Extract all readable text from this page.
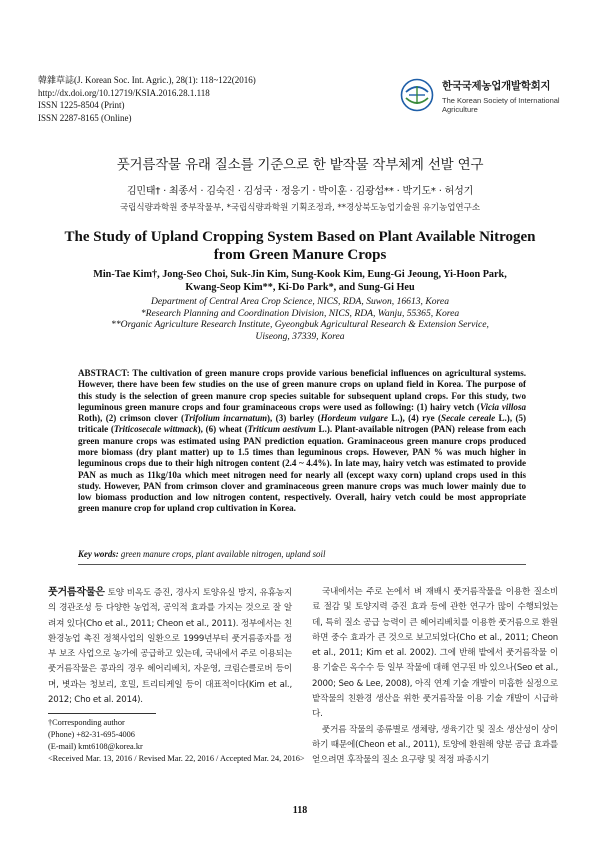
韓雜草誌(J. Korean Soc. Int. Agric.), 28(1): 118~122(2016)
http://dx.doi.org/10.12719/KSIA.2016.28.1.118
ISSN 1225-8504 (Print)
ISSN 2287-8165 (Online)
한국국제농업개발학회지
The Korean Society of International Agriculture
풋거름작물 유래 질소를 기준으로 한 밭작물 작부체계 선발 연구
김민태† · 최종서 · 김숙진 · 김성국 · 정응기 · 박이훈 · 김광섭** · 박기도* · 허성기
국립식량과학원 중부작물부, *국립식량과학원 기획조정과, **경상북도농업기술원 유기농업연구소
The Study of Upland Cropping System Based on Plant Available Nitrogen
from Green Manure Crops
Min-Tae Kim†, Jong-Seo Choi, Suk-Jin Kim, Sung-Kook Kim, Eung-Gi Jeoung, Yi-Hoon Park,
Kwang-Seop Kim**, Ki-Do Park*, and Sung-Gi Heu
Department of Central Area Crop Science, NICS, RDA, Suwon, 16613, Korea
*Research Planning and Coordination Division, NICS, RDA, Wanju, 55365, Korea
**Organic Agriculture Research Institute, Gyeongbuk Agricultural Research & Extension Service,
Uiseong, 37339, Korea
ABSTRACT: The cultivation of green manure crops provide various beneficial influences on agricultural systems. However, there have been few studies on the use of green manure crops on upland field in Korea. The purpose of this study is the selection of green manure crop species suitable for subsequent upland crops. For this study, two leguminous green manure crops and four graminaceous crops were used as following: (1) hairy vetch (Vicia villosa Roth), (2) crimson clover (Trifolium incarnatum), (3) barley (Hordeum vulgare L.), (4) rye (Secale cereale L.), (5) triticale (Triticosecale wittmack), (6) wheat (Triticum aestivum L.). Plant-available nitrogen (PAN) release from each green manure crops was estimated using PAN prediction equation. Graminaceous green manure crops produced more biomass (dry plant matter) up to 1.5 times than leguminous crops. However, PAN % was much higher in leguminous crops due to their high nitrogen content (2.4 ~ 4.4%). In late may, hairy vetch was estimated to provide PAN as much as 11kg/10a which meet nitrogen need for nearly all (except waxy corn) upland crops used in this study. However, PAN from crimson clover and graminaceous green manure crops was much lower mainly due to low biomass production and low nitrogen content, respectively. Overall, hairy vetch could be most appropriate green manure crop for upland crop cultivation in Korea.
Key words: green manure crops, plant available nitrogen, upland soil
풋거름작물은 토양 비옥도 증진, 경사지 토양유실 방지, 유휴농지의 경관조성 등 다양한 농업적, 공익적 효과를 가지는 것으로 잘 알려져 있다(Cho et al., 2011; Cheon et al., 2011). 정부에서는 친환경농업 촉진 정책사업의 일환으로 1999년부터 풋거름종자를 정부 보조 사업으로 농가에 공급하고 있는데, 국내에서 주로 이용되는 풋거름작물은 콩과의 경우 헤어리베치, 자운영, 크림슨클로버 등이며, 볏과는 청보리, 호밀, 트리티케일 등이 대표적이다(Kim et al., 2012; Cho et al. 2014).

국내에서는 주로 논에서 벼 재배시 풋거름작물을 이용한 질소비료 절감 및 토양지력 증진 효과 등에 관한 연구가 많이 수행되었는데, 특히 질소 공급 능력이 큰 헤어리베치를 이용한 풋거름으로 환원하면 중수 효과가 큰 것으로 보고되었다(Cho et al., 2011; Cheon et al., 2011; Kim et al. 2002). 그에 반해 밭에서 풋거름작물 이용 기술은 옥수수 등 일부 작물에 대해 연구된 바 있으나(Seo et al., 2000; Seo & Lee, 2008), 아직 연계 기술 개발이 미흡한 실정으로 밭작물의 친환경 생산을 위한 풋거름작물 이용 기술 개발이 시급하다.

풋거름 작물의 종류별로 생체량, 생육기간 및 질소 생산성이 상이하기 때문에(Cheon et al., 2011), 토양에 환원해 양분 공급 효과를 얻으려면 후작물의 질소 요구량 및 적정 파종시기

†Corresponding author
(Phone) +82-31-695-4006
(E-mail) kmt6108@korea.kr
<Received Mar. 13, 2016 / Revised Mar. 22, 2016 / Accepted Mar. 24, 2016>
118
